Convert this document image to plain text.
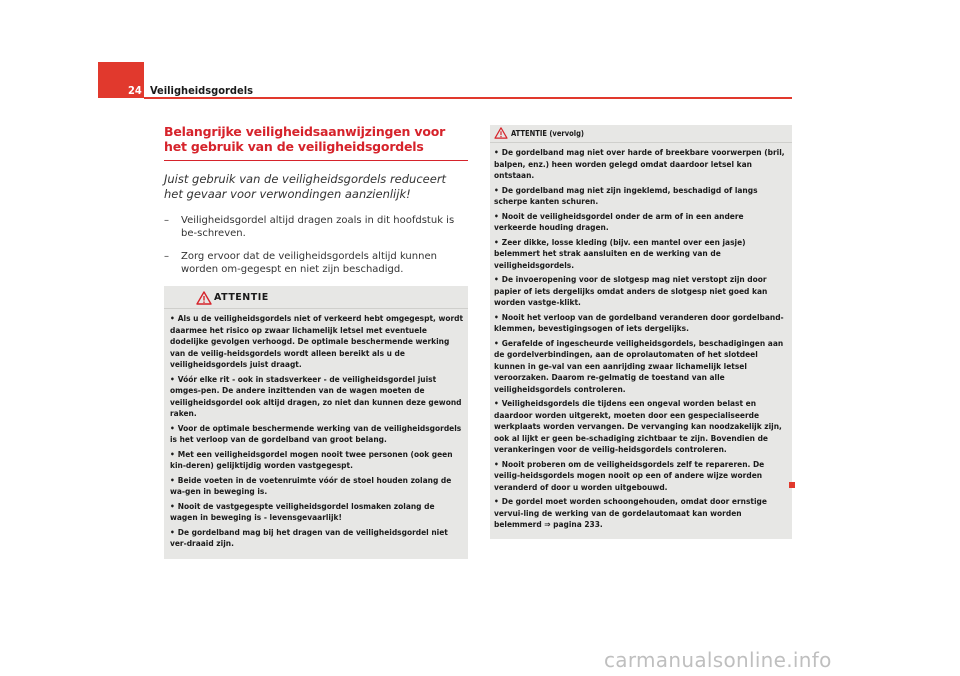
24 Veiligheidsgordels
Belangrijke veiligheidsaanwijzingen voor het gebruik van de veiligheidsgordels
Juist gebruik van de veiligheidsgordels reduceert het gevaar voor verwondingen aanzienlijk!
– Veiligheidsgordel altijd dragen zoals in dit hoofdstuk is be-schreven.
– Zorg ervoor dat de veiligheidsgordels altijd kunnen worden om-gegespt en niet zijn beschadigd.
ATTENTIE
• Als u de veiligheidsgordels niet of verkeerd hebt omgegespt, wordt daarmee het risico op zwaar lichamelijk letsel met eventuele dodelijke gevolgen verhoogd. De optimale beschermende werking van de veilig-heidsgordels wordt alleen bereikt als u de veiligheidsgordels juist draagt.
• Vóór elke rit - ook in stadsverkeer - de veiligheidsgordel juist omges-pen. De andere inzittenden van de wagen moeten de veiligheidsgordel ook altijd dragen, zo niet dan kunnen deze gewond raken.
• Voor de optimale beschermende werking van de veiligheidsgordels is het verloop van de gordelband van groot belang.
• Met een veiligheidsgordel mogen nooit twee personen (ook geen kin-deren) gelijktijdig worden vastgegespt.
• Beide voeten in de voetenruimte vóór de stoel houden zolang de wa-gen in beweging is.
• Nooit de vastgegespte veiligheidsgordel losmaken zolang de wagen in beweging is - levensgevaarlijk!
• De gordelband mag bij het dragen van de veiligheidsgordel niet ver-draaid zijn.
ATTENTIE (vervolg)
• De gordelband mag niet over harde of breekbare voorwerpen (bril, balpen, enz.) heen worden gelegd omdat daardoor letsel kan ontstaan.
• De gordelband mag niet zijn ingeklemd, beschadigd of langs scherpe kanten schuren.
• Nooit de veiligheidsgordel onder de arm of in een andere verkeerde houding dragen.
• Zeer dikke, losse kleding (bijv. een mantel over een jasje) belemmert het strak aansluiten en de werking van de veiligheidsgordels.
• De invoeropening voor de slotgesp mag niet verstopt zijn door papier of iets dergelijks omdat anders de slotgesp niet goed kan worden vastge-klikt.
• Nooit het verloop van de gordelband veranderen door gordelband-klemmen, bevestigingsogen of iets dergelijks.
• Gerafelde of ingescheurde veiligheidsgordels, beschadigingen aan de gordelverbindingen, aan de oprolautomaten of het slotdeel kunnen in ge-val van een aanrijding zwaar lichamelijk letsel veroorzaken. Daarom re-gelmatig de toestand van alle veiligheidsgordels controleren.
• Veiligheidsgordels die tijdens een ongeval worden belast en daardoor worden uitgerekt, moeten door een gespecialiseerde werkplaats worden vervangen. De vervanging kan noodzakelijk zijn, ook al lijkt er geen be-schadiging zichtbaar te zijn. Bovendien de verankeringen voor de veilig-heidsgordels controleren.
• Nooit proberen om de veiligheidsgordels zelf te repareren. De veilig-heidsgordels mogen nooit op een of andere wijze worden veranderd of door u worden uitgebouwd.
• De gordel moet worden schoongehouden, omdat door ernstige vervui-ling de werking van de gordelautomaat kan worden belemmerd ⇒ pagina 233.
carmanualsonline.info
